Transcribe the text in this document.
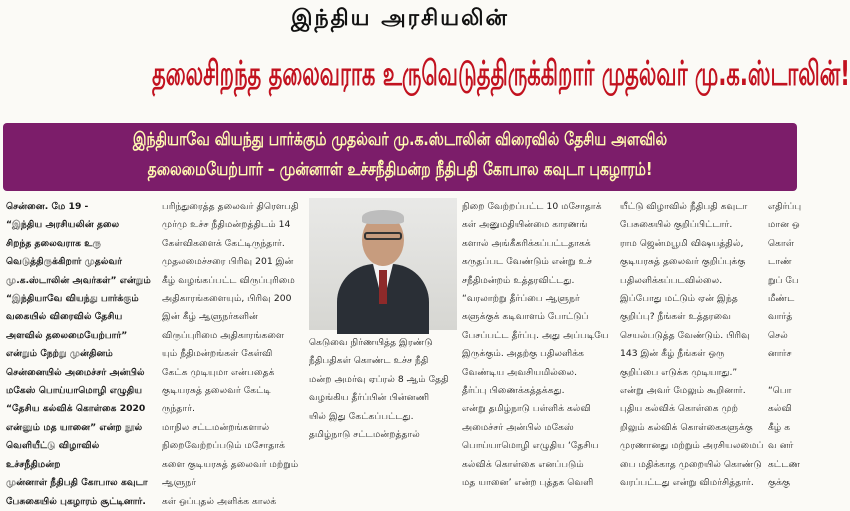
இந்திய அரசியலின்
தலைசிறந்த தலைவராக உருவெடுத்திருக்கிறார் முதல்வர் மு.க.ஸ்டாலின்!
இந்தியாவே வியந்து பார்க்கும் முதல்வர் மு.க.ஸ்டாலின் விரைவில் தேசிய அளவில்
தலைமையேற்பார் – முன்னாள் உச்சநீதிமன்ற நீதிபதி கோபால கவுடா புகழாரம்!

சென்னை. மே 19 -

“இந்திய அரசியலின் தலை

சிறந்த தலைவராக உரு

வெடுத்திருக்கிறார் முதல்வர்

மு.க.ஸ்டாலின் அவர்கள்” என்றும்

“இந்தியாவே வியந்து பார்க்கும்

வகையில் விரைவில் தேசிய

அளவில் தலைமையேற்பார்”

என்றும் நேற்று முன்தினம்

சென்னையில் அமைச்சர் அன்பில்

மகேஸ் பொய்யாமொழி எழுதிய

“தேசிய கல்விக் கொள்கை 2020

என்னும் மத யானை” என்ற நூல்

வெளியீட்டு விழாவில் உச்சநீதிமன்ற

முன்னாள் நீதிபதி கோபால கவுடா

பேசுகையில் புகழாரம் சூட்டினார்.

பரிந்துரைத்த தலைவர் திரௌபதி

முர்மு உச்ச நீதிமன்றத்திடம் 14

கேள்விகளைக் கேட்டிருந்தார்.

முதலமைச்சரை பிரிவு 201 இன்

கீழ் வழங்கப்பட்ட விருப்புரிமை

அதிகாரங்களையும், பிரிவு 200

இன் கீழ் ஆளுநர்களின்

விருப்புரிமை அதிகாரங்களை

யும் நீதிமன்றங்கள் கேள்வி

கேட்க முடியுமா என்பதைக்

குடியரசுத் தலைவர் கேட்டி

ருந்தார்.

மாநில சட்டமன்றங்களால்

நிறைவேற்றப்படும் மசோதாக்

களை குடியரசுத் தலைவர் மற்றும் ஆளுநர்

கள் ஒப்புதல் அளிக்க காலக்

கெடுவை நிர்ணயித்த இரண்டு

நீதிபதிகள் கொண்ட உச்ச நீதி

மன்ற அமர்வு ஏப்ரல் 8 ஆம் தேதி

வழங்கிய தீர்ப்பின் பின்னணி

யில் இது கேட்கப்பட்டது.

தமிழ்நாடு சட்டமன்றத்தால்

நிறை வேற்றப்பட்ட 10 மசோதாக்

கள் அனுமதியின்மை காரணங்

களால் அங்கீகரிக்கப்பட்டதாகக்

கருதப்பட வேண்டும் என்று உச்

சநீதிமன்றம் உத்தரவிட்டது.

“வரலாற்று தீர்ப்பை ஆளுநர்

களுக்குக் கடிவாளம் போட்டுப்

பேசப்பட்ட தீர்ப்பு. அது அப்படியே

இருக்கும். அதற்கு பதிலளிக்க

வேண்டிய அவசியமில்லை.

தீர்ப்பு பிணைக்கத்தக்கது.

என்று தமிழ்நாடு பள்ளிக் கல்வி

அமைச்சர் அன்பில் மகேஸ்

பொய்யாமொழி எழுதிய ‘தேசிய

கல்விக் கொள்கை எனப்படும்

மத யானை’ என்ற புத்தக வெளி

யீட்டு விழாவில் நீதிபதி கவுடா

பேசுகையில் குறிப்பிட்டார்.

ராம ஜென்மபூமி விஷயத்தில்,

குடியரசுத் தலைவர் குறிப்புக்கு

பதிலளிக்கப்படவில்லை.

இப்போது மட்டும் ஏன் இந்த

குறிப்பு? நீங்கள் உத்தரவை

செயல்படுத்த வேண்டும். பிரிவு

143 இன் கீழ் நீங்கள் ஒரு

குறிப்பை எடுக்க முடியாது.”

என்று அவர் மேலும் கூறினார்.

புதிய கல்விக் கொள்கை முற்

றிலும் கல்விக் கொள்கைகளுக்கு

முரணானது மற்றும் அரசியலமைப்

பை மதிக்காத முறையில் கொண்டு

வரப்பட்டது என்று விமர்சித்தார்.

எதிர்ப்பு

மான ஒ

கொள்

டாண்

றுப் பே

மீண்ட

வார்த்

செல்

னார்ச

“பொ

கல்வி

கீழ் க

வ னர்

கட்டண

குக்கு
